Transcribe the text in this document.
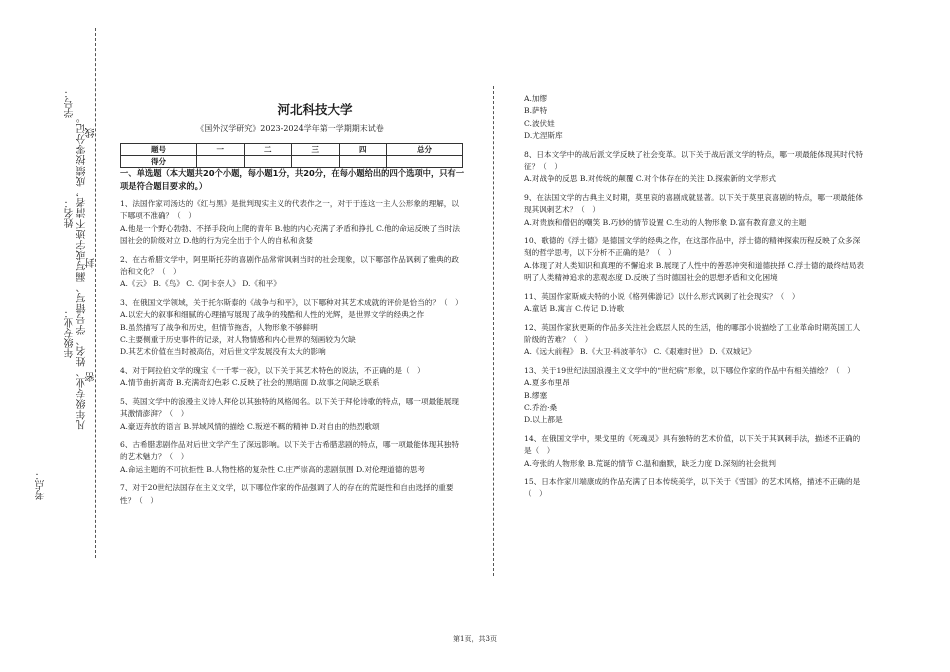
学号：
姓名：
年级专业：
考点：
凡年级专业、姓名、学号错写、漏写或字迹不清者，成绩按零分记。
封
线
密
河北科技大学
《国外汉学研究》2023-2024学年第一学期期末试卷
题号	一	二	三	四	总分
得分					

一、单选题（本大题共20个小题，每小题1分，共20分，在每小题给出的四个选项中，只有一项是符合题目要求的。）

1、法国作家司汤达的《红与黑》是批判现实主义的代表作之一，对于于连这一主人公形象的理解，以下哪项不准确？（　）

A.他是一个野心勃勃、不择手段向上爬的青年 B.他的内心充满了矛盾和挣扎 C.他的命运反映了当时法国社会的阶级对立 D.他的行为完全出于个人的自私和贪婪

2、在古希腊文学中，阿里斯托芬的喜剧作品常常讽刺当时的社会现象，以下哪部作品讽刺了雅典的政治和文化？（　）

A.《云》 B.《鸟》 C.《阿卡奈人》 D.《和平》

3、在俄国文学领域，关于托尔斯泰的《战争与和平》，以下哪种对其艺术成就的评价是恰当的？（　）

A.以宏大的叙事和细腻的心理描写展现了战争的残酷和人性的光辉，是世界文学的经典之作

B.虽然描写了战争和历史，但情节拖沓，人物形象不够鲜明

C.主要侧重于历史事件的记录，对人物情感和内心世界的刻画较为欠缺

D.其艺术价值在当时被高估，对后世文学发展没有太大的影响

4、对于阿拉伯文学的瑰宝《一千零一夜》，以下关于其艺术特色的说法，不正确的是（　）

A.情节曲折离奇 B.充满奇幻色彩 C.反映了社会的黑暗面 D.故事之间缺乏联系

5、英国文学中的浪漫主义诗人拜伦以其独特的风格闻名。以下关于拜伦诗歌的特点，哪一项最能展现其激情澎湃？（　）

A.豪迈奔放的语言 B.异域风情的描绘 C.叛逆不羁的精神 D.对自由的热烈歌颂

6、古希腊悲剧作品对后世文学产生了深远影响。以下关于古希腊悲剧的特点，哪一项最能体现其独特的艺术魅力？（　）

A.命运主题的不可抗拒性 B.人物性格的复杂性 C.庄严崇高的悲剧氛围 D.对伦理道德的思考

7、对于20世纪法国存在主义文学，以下哪位作家的作品强调了人的存在的荒诞性和自由选择的重要性？（　）

A.加缪

B.萨特

C.波伏娃

D.尤涅斯库

8、日本文学中的战后派文学反映了社会变革。以下关于战后派文学的特点，哪一项最能体现其时代特征？（　）

A.对战争的反思 B.对传统的颠覆 C.对个体存在的关注 D.探索新的文学形式

9、在法国文学的古典主义时期，莫里哀的喜剧成就显著。以下关于莫里哀喜剧的特点，哪一项最能体现其讽刺艺术？（　）

A.对贵族和僧侣的嘲笑 B.巧妙的情节设置 C.生动的人物形象 D.富有教育意义的主题

10、歌德的《浮士德》是德国文学的经典之作，在这部作品中，浮士德的精神探索历程反映了众多深刻的哲学思考，以下分析不正确的是？（　）

A.体现了对人类知识和真理的不懈追求 B.展现了人性中的善恶冲突和道德抉择 C.浮士德的最终结局表明了人类精神追求的悲观态度 D.反映了当时德国社会的思想矛盾和文化困境

11、英国作家斯威夫特的小说《格列佛游记》以什么形式讽刺了社会现实？（　）

A.童话 B.寓言 C.传记 D.诗歌

12、英国作家狄更斯的作品多关注社会底层人民的生活，他的哪部小说描绘了工业革命时期英国工人阶级的苦难？（　）

A.《远大前程》 B.《大卫·科波菲尔》 C.《艰难时世》 D.《双城记》

13、关于19世纪法国浪漫主义文学中的“世纪病”形象，以下哪位作家的作品中有相关描绘？（　）

A.夏多布里昂

B.缪塞

C.乔治·桑

D.以上都是

14、在俄国文学中，果戈里的《死魂灵》具有独特的艺术价值，以下关于其讽刺手法，描述不正确的是（　）

A.夸张的人物形象 B.荒诞的情节 C.温和幽默，缺乏力度 D.深刻的社会批判

15、日本作家川端康成的作品充满了日本传统美学，以下关于《雪国》的艺术风格，描述不正确的是（　）

第1页，共3页
